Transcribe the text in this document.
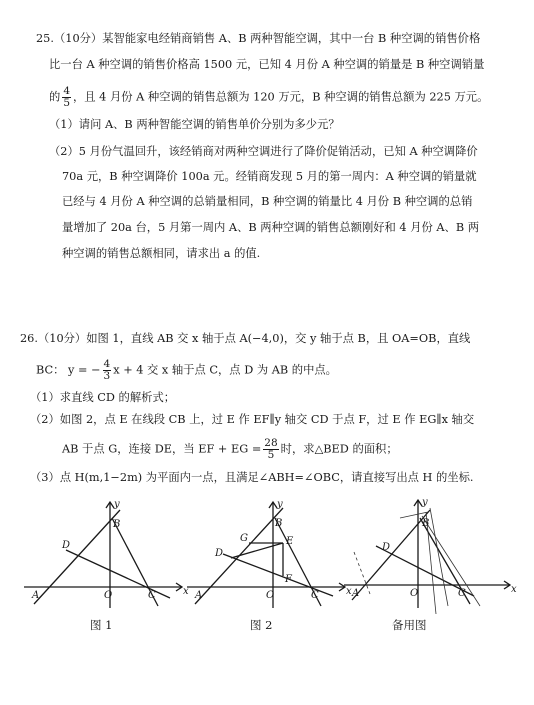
25.（10分）某智能家电经销商销售 A、B 两种智能空调，其中一台 B 种空调的销售价格
比一台 A 种空调的销售价格高 1500 元，已知 4 月份 A 种空调的销量是 B 种空调销量
的 $\frac{4}{5}$ ，且 4 月份 A 种空调的销售总额为 120 万元，B 种空调的销售总额为 225 万元。
（1）请问 A、B 两种智能空调的销售单价分别为多少元？
（2）5 月份气温回升，该经销商对两种空调进行了降价促销活动，已知 A 种空调降价
70a 元，B 种空调降价 100a 元。经销商发现 5 月的第一周内：A 种空调的销量就
已经与 4 月份 A 种空调的总销量相同，B 种空调的销量比 4 月份 B 种空调的总销
量增加了 20a 台，5 月第一周内 A、B 两种空调的销售总额刚好和 4 月份 A、B 两
种空调的销售总额相同，请求出 a 的值.
26.（10分）如图 1，直线 AB 交 x 轴于点 A(−4,0)，交 y 轴于点 B，且 OA=OB，直线
BC： y = − $\frac{4}{3}$ x + 4 交 x 轴于点 C，点 D 为 AB 的中点。
（1）求直线 CD 的解析式；
（2）如图 2，点 E 在线段 CB 上，过 E 作 EF∥y 轴交 CD 于点 F，过 E 作 EG∥x 轴交
AB 于点 G，连接 DE，当 EF + EG = $\frac{28}{5}$ 时，求△BED 的面积；
（3）点 H(m,1−2m) 为平面内一点，且满足∠ABH=∠OBC，请直接写出点 H 的坐标.
y
x
B
D
A	O	C
图 1
y
x
B
G	E
D
F
A	O	C
图 2
y
x
B
D
A	O	C
备用图
